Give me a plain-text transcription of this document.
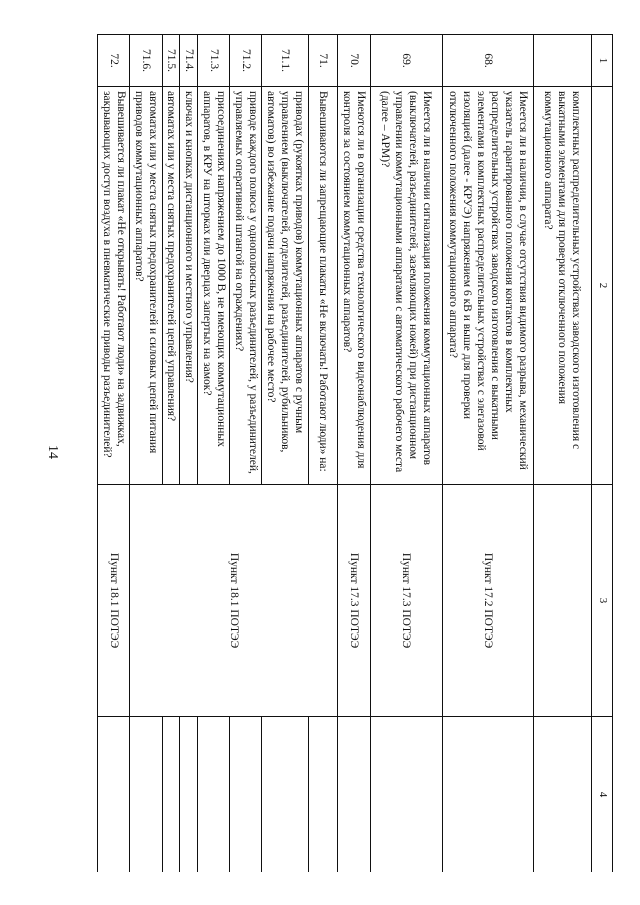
14
1	2	3	4
	комплектных распределительных устройствах заводского изготовления с выкатными элементами для проверки отключенного положения коммутационного аппарата?		
68.	Имеется ли в наличии, в случае отсутствия видимого разрыва, механический указатель гарантированного положения контактов в комплектных распределительных устройствах заводского изготовления с выкатными элементами в комплектных распределительных устройствах с элегазовой изоляцией (далее - КРУЭ) напряжением 6 кВ и выше для проверки отключенного положения коммутационного аппарата?	Пункт 17.2 ПОТЭЭ	
69.	Имеется ли в наличии сигнализация положения коммутационных аппаратов (выключателей, разъединителей, заземляющих ножей) при дистанционном управлении коммутационными аппаратами с автоматического рабочего места (далее – АРМ)?	Пункт 17.3 ПОТЭЭ	
70.	Имеются ли в организации средства технологического видеонаблюдения для контроля за состоянием коммутационных аппаратов?	Пункт 17.3 ПОТЭЭ	
71.	Вывешиваются ли запрещающие плакаты «Не включать! Работают люди» на:	Пункт 18.1 ПОТЭЭ	
71.1.	приводах (рукоятках приводов) коммутационных аппаратов с ручным управлением (выключателей, отделителей, разъединителей, рубильников, автоматов) во избежание подачи напряжения на рабочее место?		
71.2.	приводе каждого полюса у однополюсных разъединителей, у разъединителей, управляемых оперативной штангой на ограждениях?		
71.3.	присоединениях напряжением до 1000 В, не имеющих коммутационных аппаратов, в КРУ на шторках или дверцах запертых на замок?		
71.4.	ключах и кнопках дистанционного и местного управления?		
71.5.	автоматах или у места снятых предохранителей цепей управления?		
71.6.	автоматах или у места снятых предохранителей и силовых цепей питания приводов коммутационных аппаратов?		
72.	Вывешивается ли плакат «Не открывать! Работают люди» на задвижках, закрывающих доступ воздуха в пневматические приводы разъединителей?	Пункт 18.1 ПОТЭЭ	
